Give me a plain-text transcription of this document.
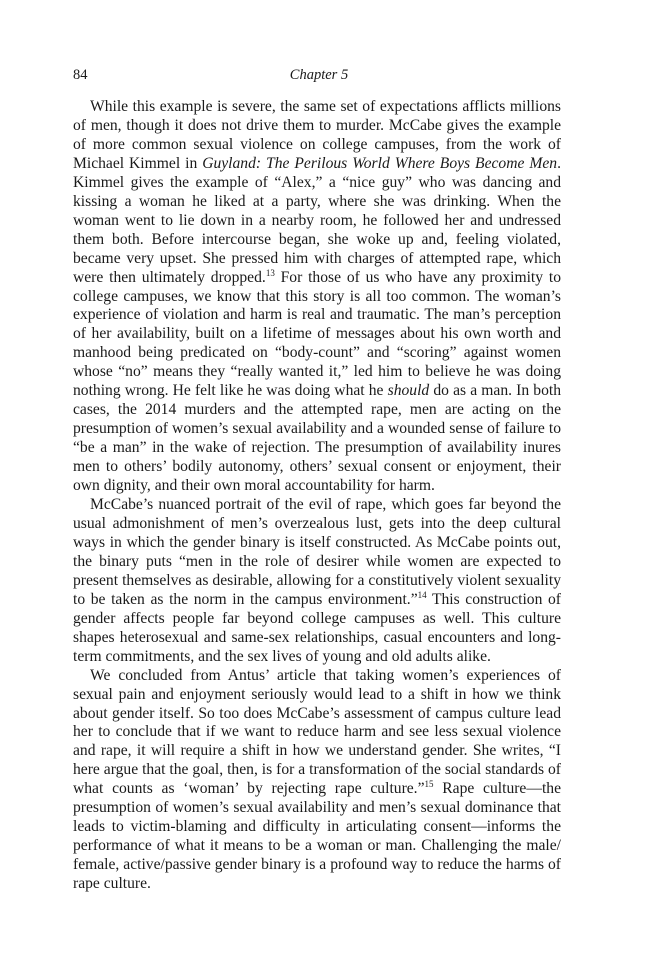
84	Chapter 5

While this example is severe, the same set of expectations afflicts millions of men, though it does not drive them to murder. McCabe gives the example of more common sexual violence on college campuses, from the work of Michael Kimmel in Guyland: The Perilous World Where Boys Become Men. Kimmel gives the example of “Alex,” a “nice guy” who was dancing and kissing a woman he liked at a party, where she was drinking. When the woman went to lie down in a nearby room, he followed her and undressed them both. Before intercourse began, she woke up and, feeling violated, became very upset. She pressed him with charges of attempted rape, which were then ultimately dropped.$^{13}$ For those of us who have any proximity to college campuses, we know that this story is all too common. The woman’s experience of violation and harm is real and traumatic. The man’s perception of her availability, built on a lifetime of messages about his own worth and manhood being predicated on “body-count” and “scoring” against women whose “no” means they “really wanted it,” led him to believe he was doing nothing wrong. He felt like he was doing what he should do as a man. In both cases, the 2014 murders and the attempted rape, men are acting on the presumption of women’s sexual availability and a wounded sense of failure to “be a man” in the wake of rejection. The presumption of availability inures men to others’ bodily autonomy, others’ sexual consent or enjoyment, their own dignity, and their own moral accountability for harm.

McCabe’s nuanced portrait of the evil of rape, which goes far beyond the usual admonishment of men’s overzealous lust, gets into the deep cultural ways in which the gender binary is itself constructed. As McCabe points out, the binary puts “men in the role of desirer while women are expected to present themselves as desirable, allowing for a constitutively violent sexuality to be taken as the norm in the campus environment.”$^{14}$ This construction of gender affects people far beyond college campuses as well. This culture shapes heterosexual and same-sex relationships, casual encounters and long-term commitments, and the sex lives of young and old adults alike.

We concluded from Antus’ article that taking women’s experiences of sexual pain and enjoyment seriously would lead to a shift in how we think about gender itself. So too does McCabe’s assessment of campus culture lead her to conclude that if we want to reduce harm and see less sexual violence and rape, it will require a shift in how we understand gender. She writes, “I here argue that the goal, then, is for a transformation of the social standards of what counts as ‘woman’ by rejecting rape culture.”$^{15}$ Rape culture—the presumption of women’s sexual availability and men’s sexual dominance that leads to victim-blaming and difficulty in articulating consent—informs the performance of what it means to be a woman or man. Challenging the male/​female, active/passive gender binary is a profound way to reduce the harms of rape culture.
